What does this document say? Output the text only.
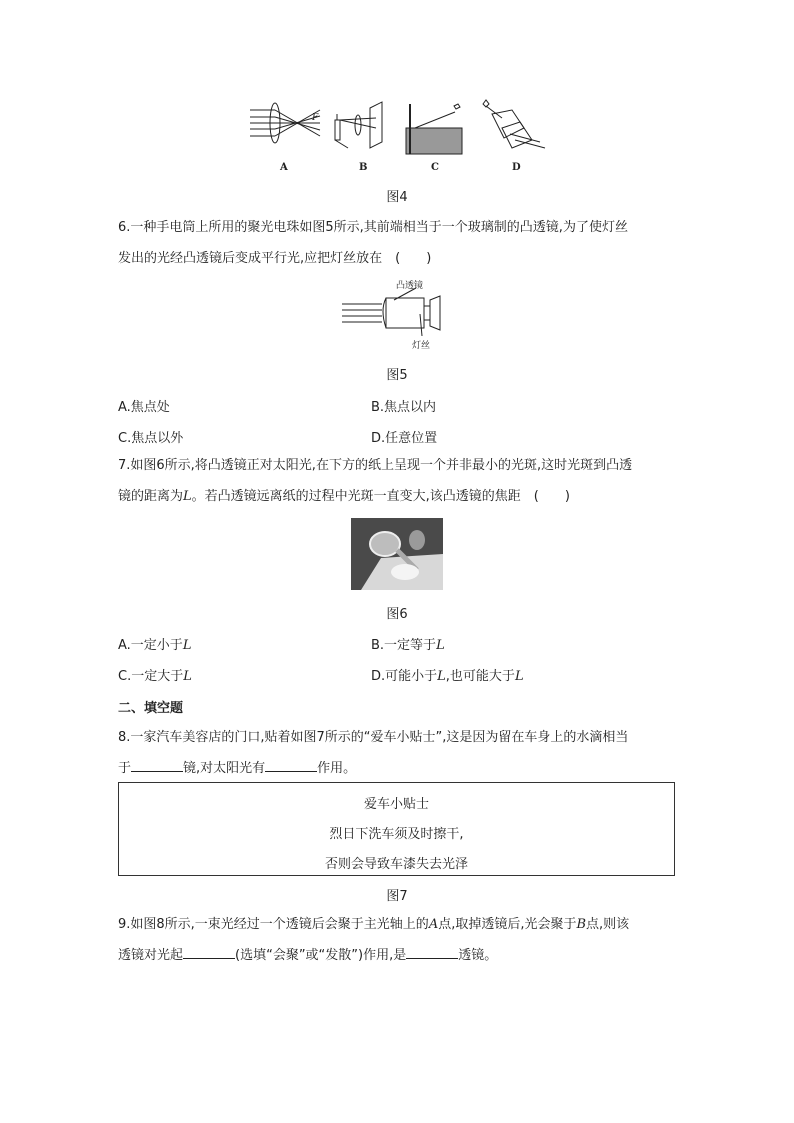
F
A	B	C	D
图4
6.一种手电筒上所用的聚光电珠如图5所示,其前端相当于一个玻璃制的凸透镜,为了使灯丝
发出的光经凸透镜后变成平行光,应把灯丝放在　(　　)
凸透镜
灯丝
图5
A.焦点处	B.焦点以内
C.焦点以外	D.任意位置
7.如图6所示,将凸透镜正对太阳光,在下方的纸上呈现一个并非最小的光斑,这时光斑到凸透
镜的距离为L。若凸透镜远离纸的过程中光斑一直变大,该凸透镜的焦距　(　　)
图6
A.一定小于L	B.一定等于L
C.一定大于L	D.可能小于L,也可能大于L
二、填空题
8.一家汽车美容店的门口,贴着如图7所示的“爱车小贴士”,这是因为留在车身上的水滴相当
于	镜,对太阳光有	作用。
爱车小贴士
烈日下洗车须及时擦干,
否则会导致车漆失去光泽
图7
9.如图8所示,一束光经过一个透镜后会聚于主光轴上的A点,取掉透镜后,光会聚于B点,则该
透镜对光起	(选填“会聚”或“发散”)作用,是	透镜。
